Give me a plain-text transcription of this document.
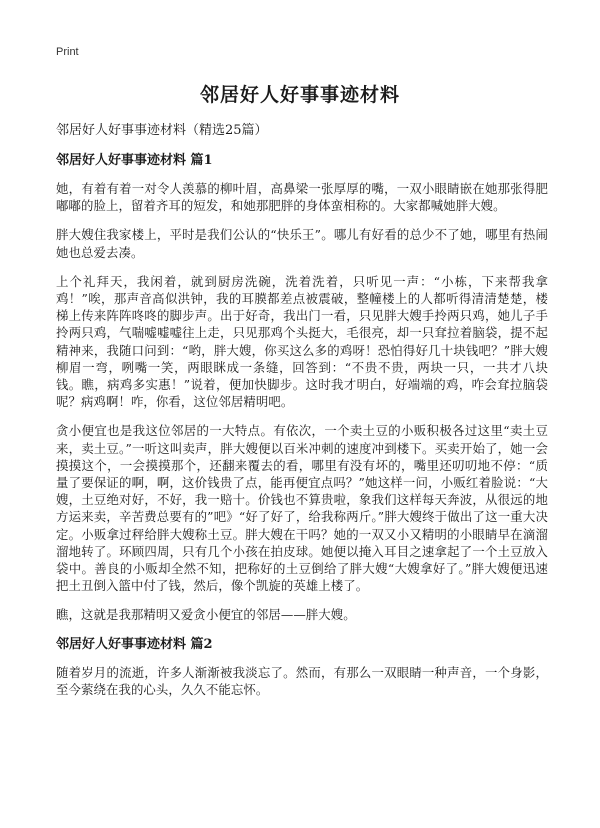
Print
邻居好人好事事迹材料

邻居好人好事事迹材料（精选25篇）

邻居好人好事事迹材料 篇1

她，有着有着一对令人羡慕的柳叶眉，高鼻梁一张厚厚的嘴，一双小眼睛嵌在她那张得肥嘟嘟的脸上，留着齐耳的短发，和她那肥胖的身体蛮相称的。大家都喊她胖大嫂。

胖大嫂住我家楼上，平时是我们公认的“快乐王”。哪儿有好看的总少不了她，哪里有热闹她也总爱去凑。

上个礼拜天，我闲着，就到厨房洗碗，洗着洗着，只听见一声：“小栋，下来帮我拿鸡！”唉，那声音高似洪钟，我的耳膜都差点被震破，整幢楼上的人都听得清清楚楚，楼梯上传来阵阵咚咚的脚步声。出于好奇，我出门一看，只见胖大嫂手拎两只鸡，她儿子手拎两只鸡，气喘嘘嘘嘘往上走，只见那鸡个头挺大，毛很亮，却一只耷拉着脑袋，提不起精神来，我随口问到：“哟，胖大嫂，你买这么多的鸡呀！恐怕得好几十块钱吧？”胖大嫂柳眉一弯，咧嘴一笑，两眼眯成一条缝，回答到：“不贵不贵，两块一只，一共才八块钱。瞧，病鸡多实惠！”说着，便加快脚步。这时我才明白，好端端的鸡，咋会耷拉脑袋呢？病鸡啊！咋，你看，这位邻居精明吧。

贪小便宜也是我这位邻居的一大特点。有依次，一个卖土豆的小贩积极各过这里“卖土豆来，卖土豆。”一听这叫卖声，胖大嫂便以百米冲刺的速度冲到楼下。买卖开始了，她一会摸摸这个，一会摸摸那个，还翻来覆去的看，哪里有没有坏的，嘴里还叨叨地不停：“质量了要保证的啊，啊，这价钱贵了点，能再便宜点吗？”她这样一问，小贩红着脸说：“大嫂，土豆绝对好，不好，我一赔十。价钱也不算贵啦，象我们这样每天奔波，从很远的地方运来卖，辛苦费总要有的”吧》“好了好了，给我称两斤。”胖大嫂终于做出了这一重大决定。小贩拿过秤给胖大嫂称土豆。胖大嫂在干吗？她的一双又小又精明的小眼睛早在滴溜溜地转了。环顾四周，只有几个小孩在拍皮球。她便以掩入耳目之速拿起了一个土豆放入袋中。善良的小贩却全然不知，把称好的土豆倒给了胖大嫂“大嫂拿好了。”胖大嫂便迅速把土丑倒入篮中付了钱，然后，像个凯旋的英雄上楼了。

瞧，这就是我那精明又爱贪小便宜的邻居——胖大嫂。

邻居好人好事事迹材料 篇2

随着岁月的流逝，许多人渐渐被我淡忘了。然而，有那么一双眼睛一种声音，一个身影，至今萦绕在我的心头，久久不能忘怀。
